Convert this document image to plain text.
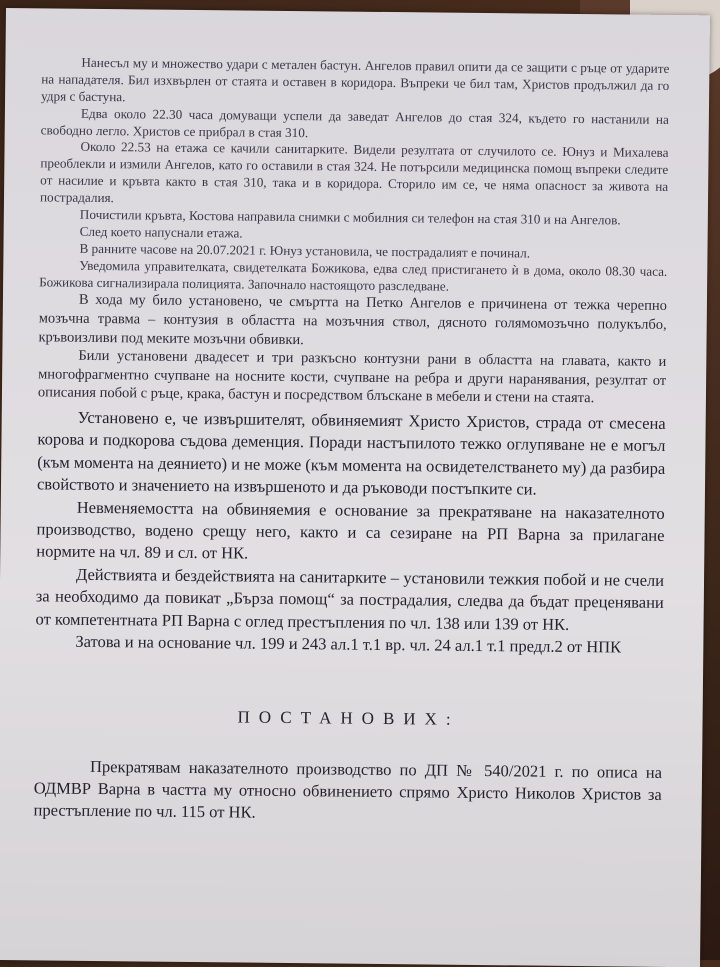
Нанесъл му и множество удари с метален бастун. Ангелов правил опити да се защити с ръце от ударите на нападателя. Бил изхвърлен от стаята и оставен в коридора. Въпреки че бил там, Христов продължил да го удря с бастуна.

Едва около 22.30 часа домуващи успели да заведат Ангелов до стая 324, където го настанили на свободно легло. Христов се прибрал в стая 310.

Около 22.53 на етажа се качили санитарките. Видели резултата от случилото се. Юнуз и Михалева преоблекли и измили Ангелов, като го оставили в стая 324. Не потърсили медицинска помощ въпреки следите от насилие и кръвта както в стая 310, така и в коридора. Сторило им се, че няма опасност за живота на пострадалия.

Почистили кръвта, Костова направила снимки с мобилния си телефон на стая 310 и на Ангелов.

След което напуснали етажа.

В ранните часове на 20.07.2021 г. Юнуз установила, че пострадалият е починал.

Уведомила управителката, свидетелката Божикова, едва след пристигането ѝ в дома, около 08.30 часа. Божикова сигнализирала полицията. Започнало настоящото разследване.

В хода му било установено, че смъртта на Петко Ангелов е причинена от тежка черепно мозъчна травма – контузия в областта на мозъчния ствол, дясното голямомозъчно полукълбо, кръвоизливи под меките мозъчни обвивки.

Били установени двадесет и три разкъсно контузни рани в областта на главата, както и многофрагментно счупване на носните кости, счупване на ребра и други наранявания, резултат от описания побой с ръце, крака, бастун и посредством блъскане в мебели и стени на стаята.

Установено е, че извършителят, обвиняемият Христо Христов, страда от смесена корова и подкорова съдова деменция. Поради настъпилото тежко оглупяване не е могъл (към момента на деянието) и не може (към момента на освидетелстването му) да разбира свойството и значението на извършеното и да ръководи постъпките си.

Невменяемостта на обвиняемия е основание за прекратяване на наказателното производство, водено срещу него, както и са сезиране на РП Варна за прилагане нормите на чл. 89 и сл. от НК.

Действията и бездействията на санитарките – установили тежкия побой и не счели за необходимо да повикат „Бърза помощ“ за пострадалия, следва да бъдат преценявани от компетентната РП Варна с оглед престъпления по чл. 138 или 139 от НК.

Затова и на основание чл. 199 и 243 ал.1 т.1 вр. чл. 24 ал.1 т.1 предл.2 от НПК

ПОСТАНОВИХ:

Прекратявам наказателното производство по ДП № 540/2021 г. по описа на ОДМВР Варна в частта му относно обвинението спрямо Христо Николов Христов за престъпление по чл. 115 от НК.
